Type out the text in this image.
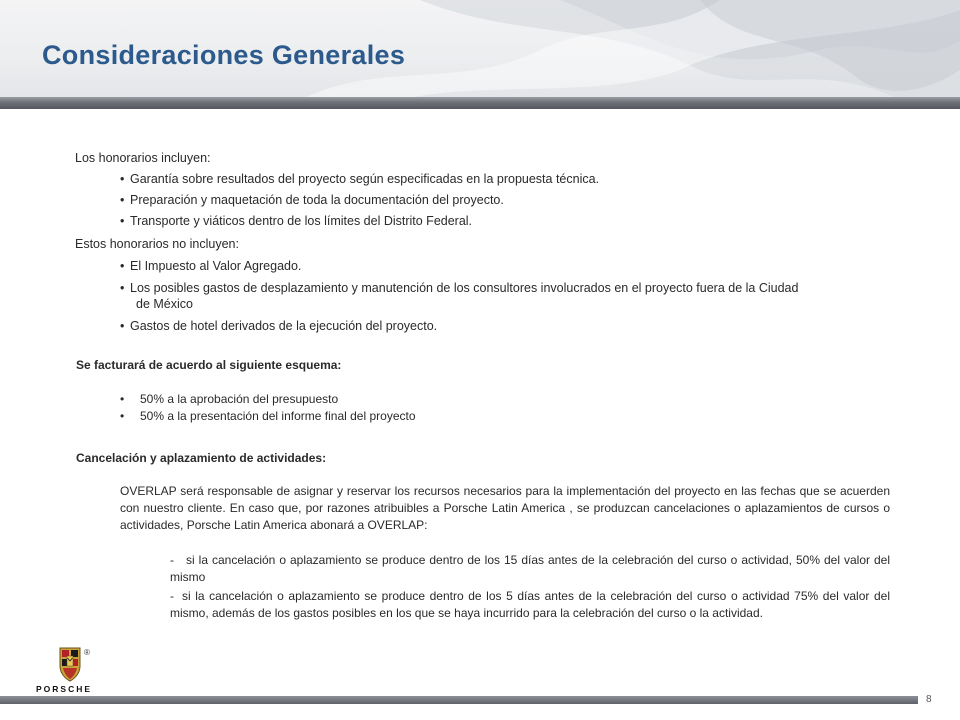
Consideraciones Generales
Los honorarios incluyen:
• Garantía sobre resultados del proyecto según especificadas en la propuesta técnica.
• Preparación y maquetación de toda la documentación del proyecto.
• Transporte y viáticos dentro de los límites del Distrito Federal.
Estos honorarios no incluyen:
• El Impuesto al Valor Agregado.
• Los posibles gastos de desplazamiento y manutención de los consultores involucrados en el proyecto fuera de la Ciudad
de México
• Gastos de hotel derivados de la ejecución del proyecto.
Se facturará de acuerdo al siguiente esquema:
• 50% a la aprobación del presupuesto
• 50% a la presentación del informe final del proyecto
Cancelación y aplazamiento de actividades:
OVERLAP será responsable de asignar y reservar los recursos necesarios para la implementación del proyecto en las fechas que se acuerden con nuestro cliente. En caso que, por razones atribuibles a Porsche Latin America , se produzcan cancelaciones o aplazamientos de cursos o actividades, Porsche Latin America abonará a OVERLAP:
- si la cancelación o aplazamiento se produce dentro de los 15 días antes de la celebración del curso o actividad, 50% del valor del mismo
- si la cancelación o aplazamiento se produce dentro de los 5 días antes de la celebración del curso o actividad 75% del valor del mismo, además de los gastos posibles en los que se haya incurrido para la celebración del curso o la actividad.
®
PORSCHE
8
